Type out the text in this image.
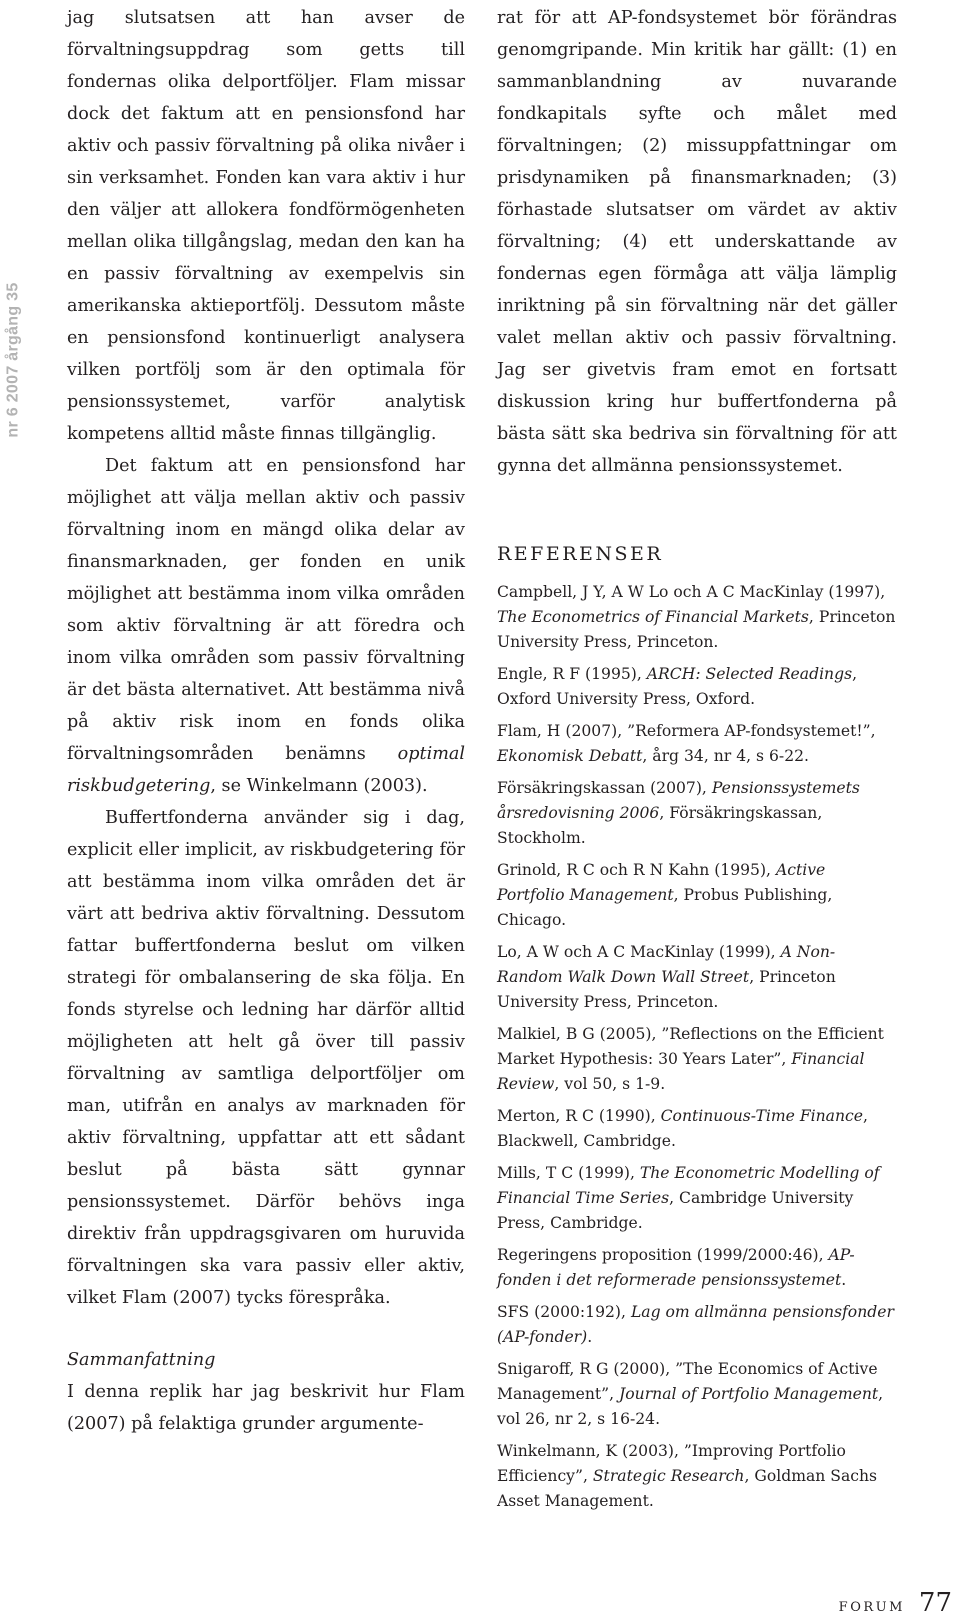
nr 6 2007 årgång 35

jag slutsatsen att han avser de förvaltningsuppdrag som getts till fondernas olika delportföljer. Flam missar dock det faktum att en pensionsfond har aktiv och passiv förvaltning på olika nivåer i sin verksamhet. Fonden kan vara aktiv i hur den väljer att allokera fondförmögenheten mellan olika tillgångslag, medan den kan ha en passiv förvaltning av exempelvis sin amerikanska aktieportfölj. Dessutom måste en pensionsfond kontinuerligt analysera vilken portfölj som är den optimala för pensionssystemet, varför analytisk kompetens alltid måste finnas tillgänglig.

Det faktum att en pensionsfond har möjlighet att välja mellan aktiv och passiv förvaltning inom en mängd olika delar av finansmarknaden, ger fonden en unik möjlighet att bestämma inom vilka områden som aktiv förvaltning är att föredra och inom vilka områden som passiv förvaltning är det bästa alternativet. Att bestämma nivå på aktiv risk inom en fonds olika förvaltningsområden benämns optimal riskbudgetering, se Winkelmann (2003).

Buffertfonderna använder sig i dag, explicit eller implicit, av riskbudgetering för att bestämma inom vilka områden det är värt att bedriva aktiv förvaltning. Dessutom fattar buffertfonderna beslut om vilken strategi för ombalansering de ska följa. En fonds styrelse och ledning har därför alltid möjligheten att helt gå över till passiv förvaltning av samtliga delportföljer om man, utifrån en analys av marknaden för aktiv förvaltning, uppfattar att ett sådant beslut på bästa sätt gynnar pensionssystemet. Därför behövs inga direktiv från uppdragsgivaren om huruvida förvaltningen ska vara passiv eller aktiv, vilket Flam (2007) tycks förespråka.

Sammanfattning

I denna replik har jag beskrivit hur Flam (2007) på felaktiga grunder argumente-

rat för att AP-fondsystemet bör förändras genomgripande. Min kritik har gällt: (1) en sammanblandning av nuvarande fondkapitals syfte och målet med förvaltningen; (2) missuppfattningar om prisdynamiken på finansmarknaden; (3) förhastade slutsatser om värdet av aktiv förvaltning; (4) ett underskattande av fondernas egen förmåga att välja lämplig inriktning på sin förvaltning när det gäller valet mellan aktiv och passiv förvaltning. Jag ser givetvis fram emot en fortsatt diskussion kring hur buffertfonderna på bästa sätt ska bedriva sin förvaltning för att gynna det allmänna pensionssystemet.

REFERENSER

Campbell, J Y, A W Lo och A C MacKinlay (1997), The Econometrics of Financial Markets, Princeton University Press, Princeton.

Engle, R F (1995), ARCH: Selected Readings, Oxford University Press, Oxford.

Flam, H (2007), ”Reformera AP-fondsystemet!”, Ekonomisk Debatt, årg 34, nr 4, s 6-22.

Försäkringskassan (2007), Pensionssystemets årsredovisning 2006, Försäkringskassan, Stockholm.

Grinold, R C och R N Kahn (1995), Active Portfolio Management, Probus Publishing, Chicago.

Lo, A W och A C MacKinlay (1999), A Non-Random Walk Down Wall Street, Princeton University Press, Princeton.

Malkiel, B G (2005), ”Reflections on the Efficient Market Hypothesis: 30 Years Later”, Financial Review, vol 50, s 1-9.

Merton, R C (1990), Continuous-Time Finance, Blackwell, Cambridge.

Mills, T C (1999), The Econometric Modelling of Financial Time Series, Cambridge University Press, Cambridge.

Regeringens proposition (1999/2000:46), AP-fonden i det reformerade pensionssystemet.

SFS (2000:192), Lag om allmänna pensionsfonder (AP-fonder).

Snigaroff, R G (2000), ”The Economics of Active Management”, Journal of Portfolio Management, vol 26, nr 2, s 16-24.

Winkelmann, K (2003), ”Improving Portfolio Efficiency”, Strategic Research, Goldman Sachs Asset Management.

FORUM 77
